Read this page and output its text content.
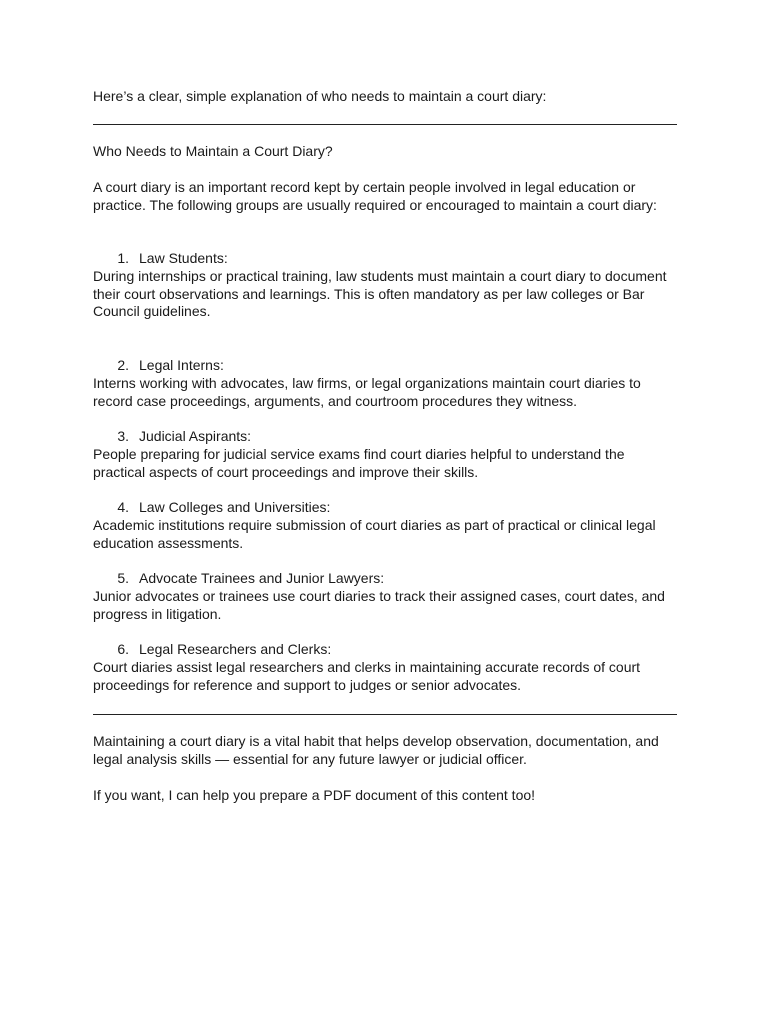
Here’s a clear, simple explanation of who needs to maintain a court diary:

Who Needs to Maintain a Court Diary?

A court diary is an important record kept by certain people involved in legal education or practice. The following groups are usually required or encouraged to maintain a court diary:

1. Law Students:

During internships or practical training, law students must maintain a court diary to document their court observations and learnings. This is often mandatory as per law colleges or Bar Council guidelines.

2. Legal Interns:

Interns working with advocates, law firms, or legal organizations maintain court diaries to record case proceedings, arguments, and courtroom procedures they witness.

3. Judicial Aspirants:

People preparing for judicial service exams find court diaries helpful to understand the practical aspects of court proceedings and improve their skills.

4. Law Colleges and Universities:

Academic institutions require submission of court diaries as part of practical or clinical legal education assessments.

5. Advocate Trainees and Junior Lawyers:

Junior advocates or trainees use court diaries to track their assigned cases, court dates, and progress in litigation.

6. Legal Researchers and Clerks:

Court diaries assist legal researchers and clerks in maintaining accurate records of court proceedings for reference and support to judges or senior advocates.

Maintaining a court diary is a vital habit that helps develop observation, documentation, and legal analysis skills — essential for any future lawyer or judicial officer.

If you want, I can help you prepare a PDF document of this content too!
